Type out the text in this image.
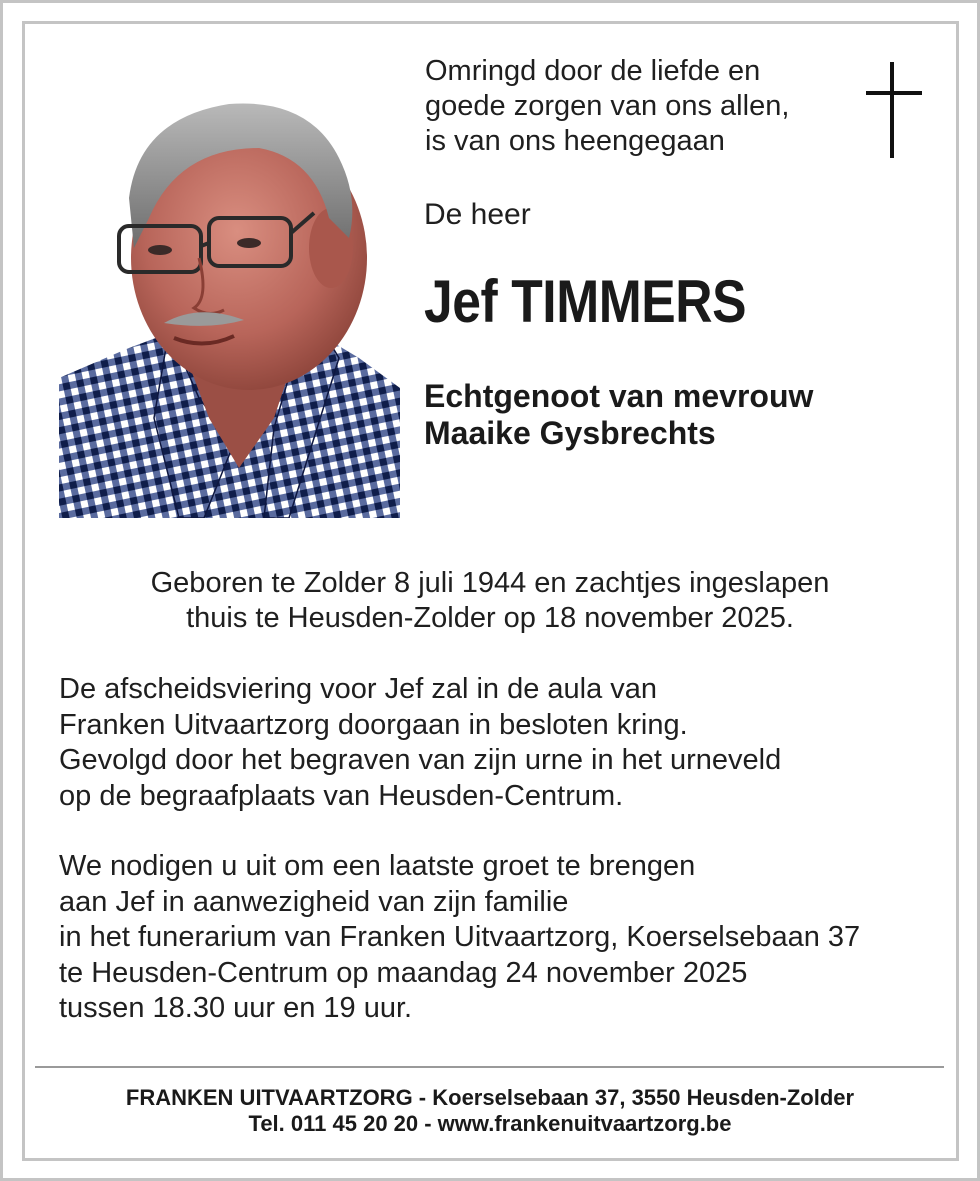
Omringd door de liefde en
goede zorgen van ons allen,
is van ons heengegaan
De heer
Jef TIMMERS
Echtgenoot van mevrouw
Maaike Gysbrechts
Geboren te Zolder 8 juli 1944 en zachtjes ingeslapen
thuis te Heusden-Zolder op 18 november 2025.
De afscheidsviering voor Jef zal in de aula van
Franken Uitvaartzorg doorgaan in besloten kring.
Gevolgd door het begraven van zijn urne in het urneveld
op de begraafplaats van Heusden-Centrum.
We nodigen u uit om een laatste groet te brengen
aan Jef in aanwezigheid van zijn familie
in het funerarium van Franken Uitvaartzorg, Koerselsebaan 37
te Heusden-Centrum op maandag 24 november 2025
tussen 18.30 uur en 19 uur.
FRANKEN UITVAARTZORG - Koerselsebaan 37, 3550 Heusden-Zolder
Tel. 011 45 20 20 - www.frankenuitvaartzorg.be
